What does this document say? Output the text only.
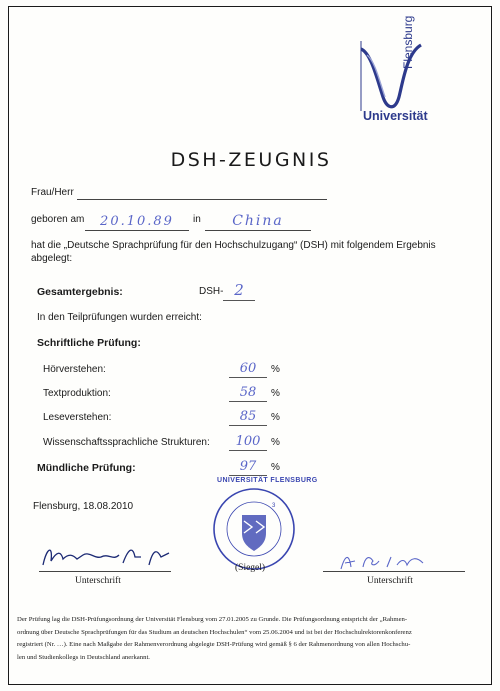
Flensburg
Universität
DSH-ZEUGNIS
Frau/Herr
geboren am	20.10.89	in	China
hat die „Deutsche Sprachprüfung für den Hochschulzugang“ (DSH) mit folgendem Ergebnis
abgelegt:
Gesamtergebnis:	DSH- 2
In den Teilprüfungen wurden erreicht:
Schriftliche Prüfung:
Hörverstehen:	60	%
Textproduktion:	58	%
Leseverstehen:	85	%
Wissenschaftssprachliche Strukturen:	100	%
Mündliche Prüfung:	97	%
Flensburg, 18.08.2010	3
UNIVERSITÄT FLENSBURG
(Siegel)
Unterschrift	Unterschrift
Der Prüfung lag die DSH-Prüfungsordnung der Universität Flensburg vom 27.01.2005 zu Grunde. Die Prüfungsordnung entspricht der „Rahmen-
ordnung über Deutsche Sprachprüfungen für das Studium an deutschen Hochschulen“ vom 25.06.2004 und ist bei der Hochschulrektorenkonferenz
registriert (Nr. …). Eine nach Maßgabe der Rahmenverordnung abgelegte DSH-Prüfung wird gemäß § 6 der Rahmenordnung von allen Hochschu-
len und Studienkollegs in Deutschland anerkannt.
